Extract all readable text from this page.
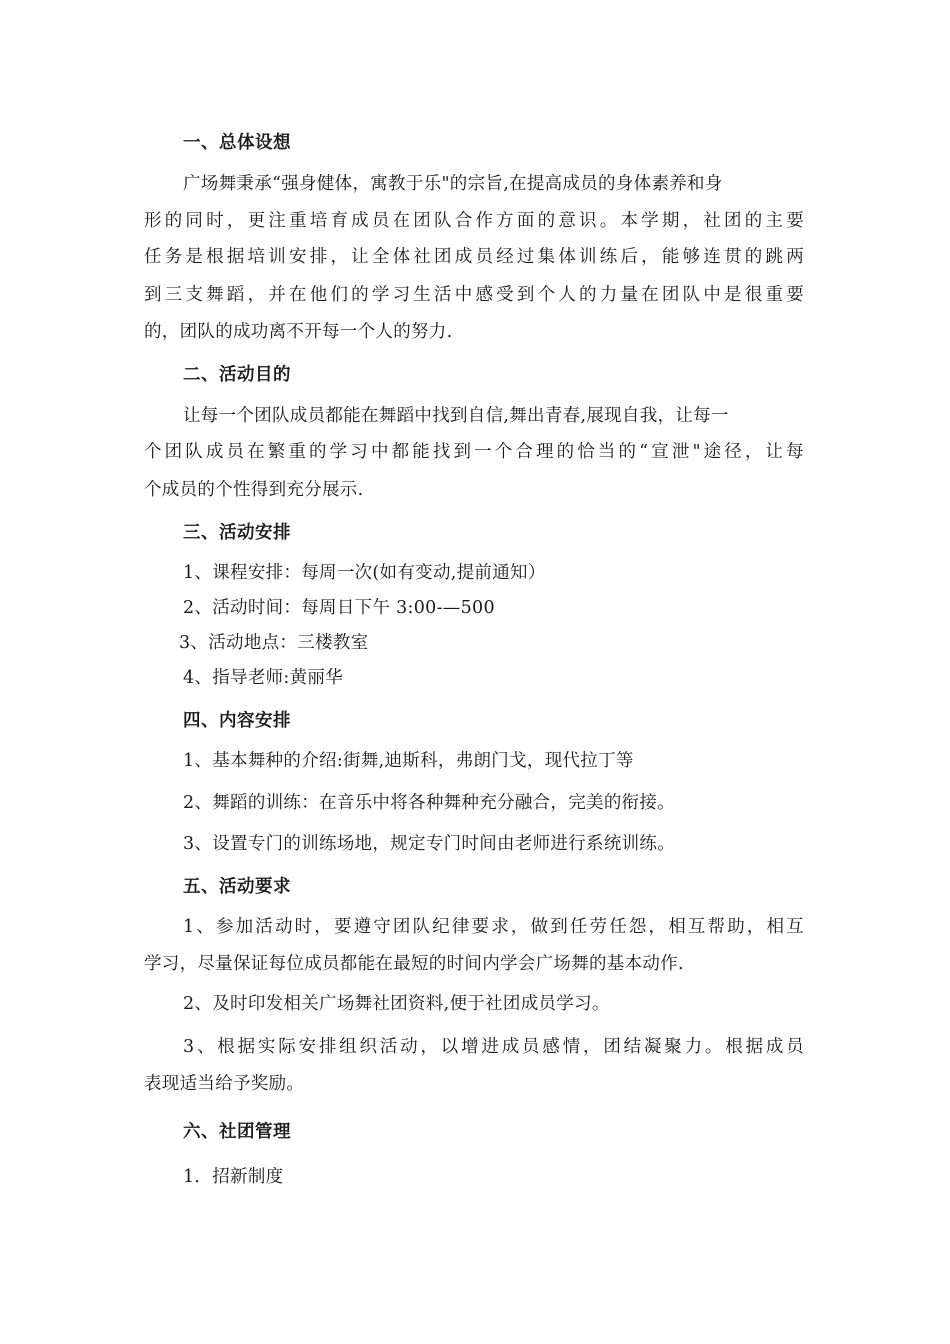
一、总体设想
广场舞秉承“强身健体，寓教于乐"的宗旨,在提高成员的身体素养和身
形的同时，更注重培育成员在团队合作方面的意识。本学期，社团的主要
任务是根据培训安排，让全体社团成员经过集体训练后，能够连贯的跳两
到三支舞蹈，并在他们的学习生活中感受到个人的力量在团队中是很重要
的，团队的成功离不开每一个人的努力.
二、活动目的
让每一个团队成员都能在舞蹈中找到自信,舞出青春,展现自我，让每一
个团队成员在繁重的学习中都能找到一个合理的恰当的“宣泄"途径，让每
个成员的个性得到充分展示.
三、活动安排
1、课程安排：每周一次(如有变动,提前通知）
2、活动时间：每周日下午 3:00-—500
3、活动地点：三楼教室
4、指导老师:黄丽华
四、内容安排
1、基本舞种的介绍:街舞,迪斯科，弗朗门戈，现代拉丁等
2、舞蹈的训练：在音乐中将各种舞种充分融合，完美的衔接。
3、设置专门的训练场地，规定专门时间由老师进行系统训练。
五、活动要求
1、参加活动时，要遵守团队纪律要求，做到任劳任怨，相互帮助，相互
学习，尽量保证每位成员都能在最短的时间内学会广场舞的基本动作.
2、及时印发相关广场舞社团资料,便于社团成员学习。
3、根据实际安排组织活动，以增进成员感情，团结凝聚力。根据成员
表现适当给予奖励。
六、社团管理
1．招新制度
